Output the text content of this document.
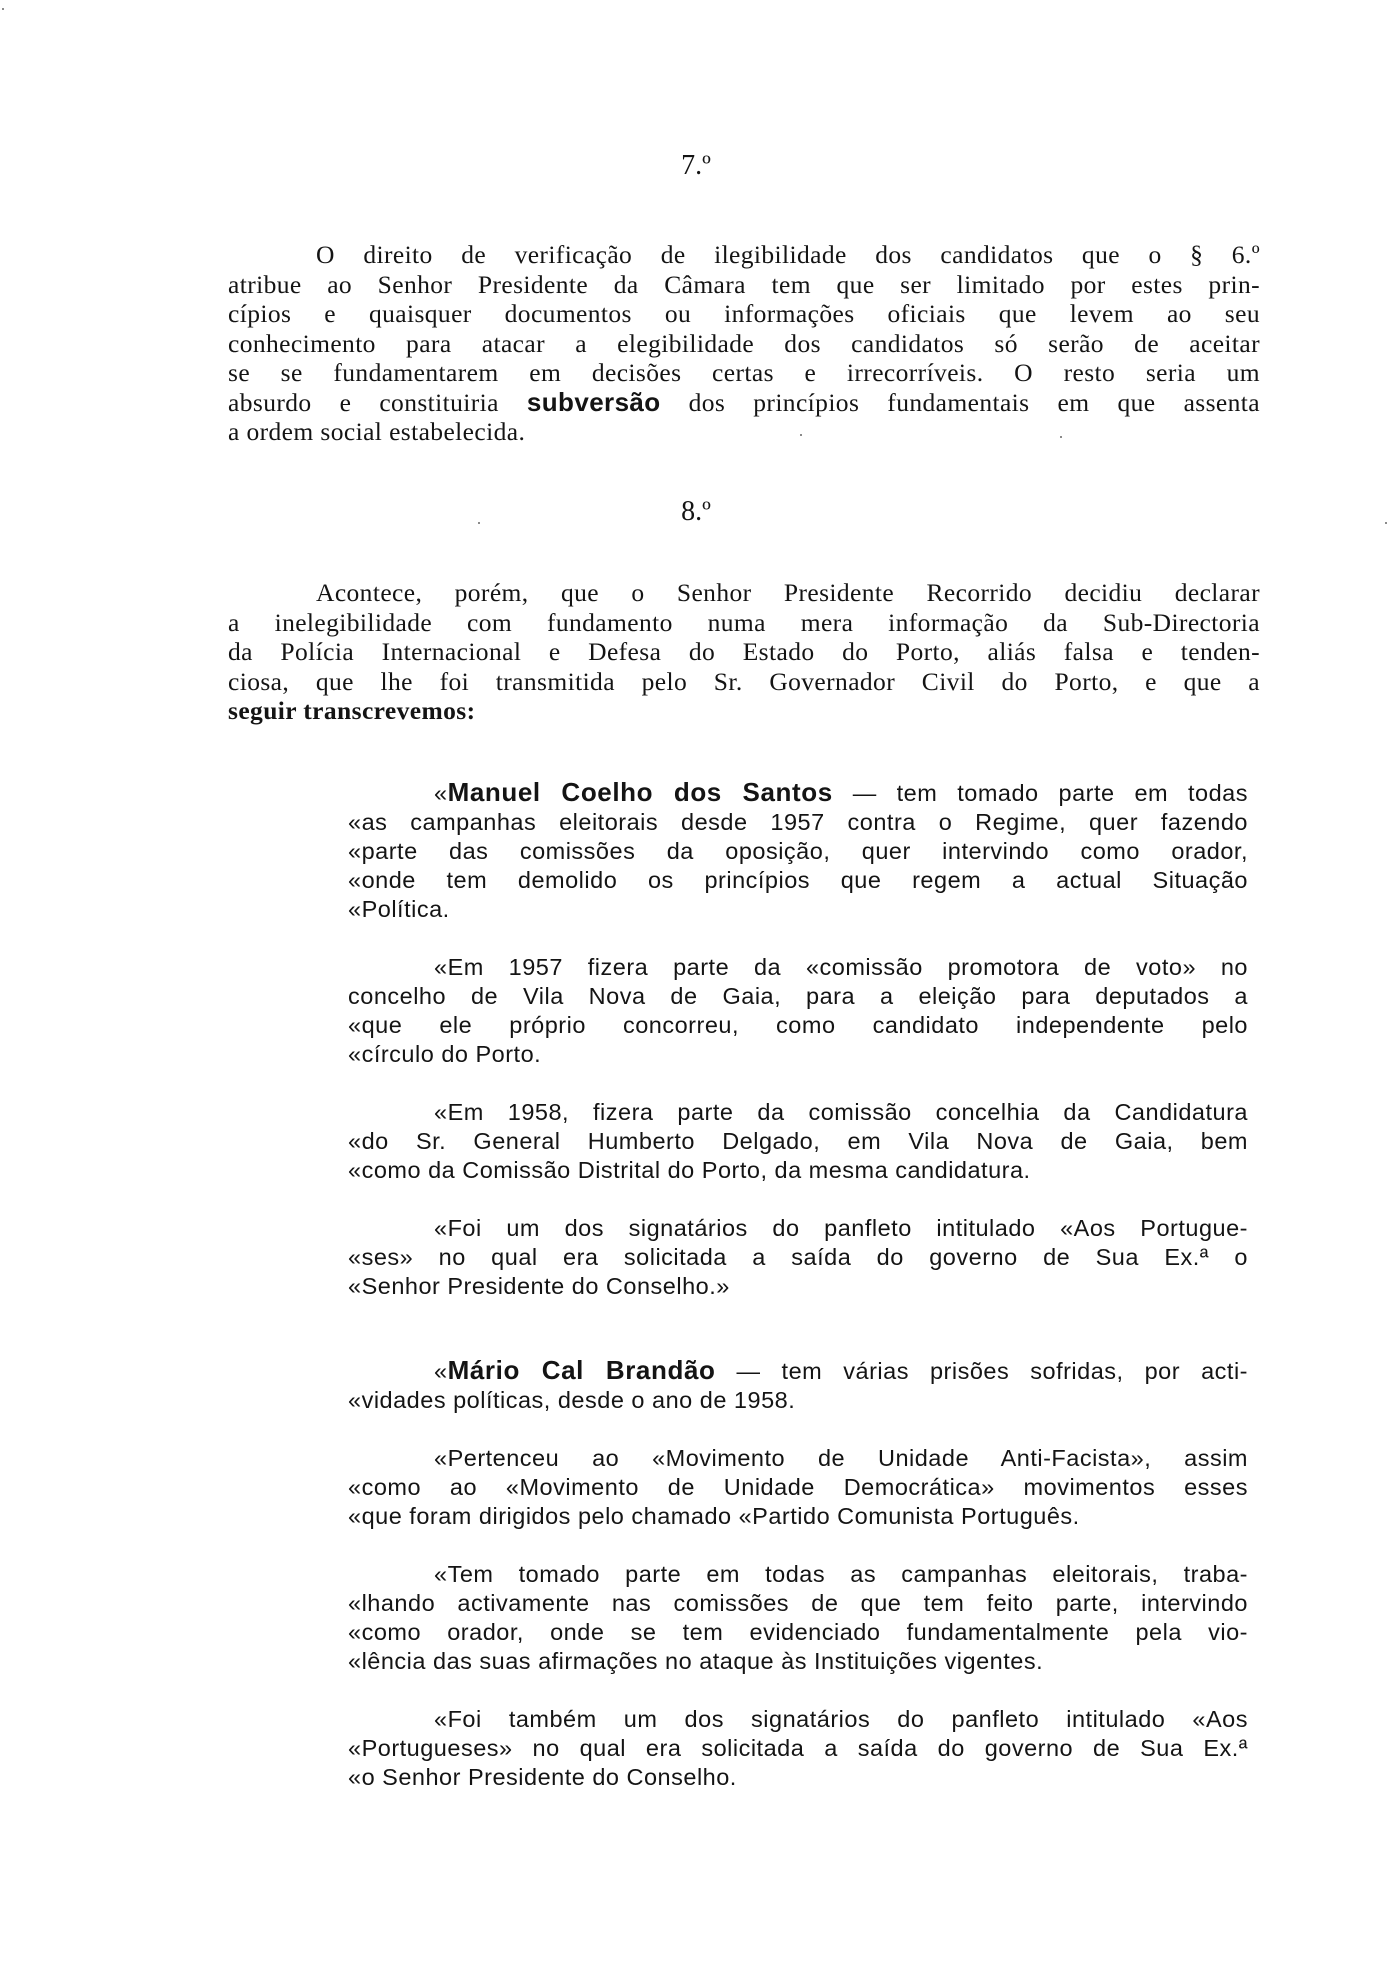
7.º
O direito de verificação de ilegibilidade dos candidatos que o § 6.º
atribue ao Senhor Presidente da Câmara tem que ser limitado por estes prin-
cípios e quaisquer documentos ou informações oficiais que levem ao seu
conhecimento para atacar a elegibilidade dos candidatos só serão de aceitar
se se fundamentarem em decisões certas e irrecorríveis. O resto seria um
absurdo e constituiria subversão dos princípios fundamentais em que assenta
a ordem social estabelecida.
8.º
Acontece, porém, que o Senhor Presidente Recorrido decidiu declarar
a inelegibilidade com fundamento numa mera informação da Sub-Directoria
da Polícia Internacional e Defesa do Estado do Porto, aliás falsa e tenden-
ciosa, que lhe foi transmitida pelo Sr. Governador Civil do Porto, e que a
seguir transcrevemos:
«Manuel Coelho dos Santos — tem tomado parte em todas
«as campanhas eleitorais desde 1957 contra o Regime, quer fazendo
«parte das comissões da oposição, quer intervindo como orador,
«onde tem demolido os princípios que regem a actual Situação
«Política.
«Em 1957 fizera parte da «comissão promotora de voto» no
concelho de Vila Nova de Gaia, para a eleição para deputados a
«que ele próprio concorreu, como candidato independente pelo
«círculo do Porto.
«Em 1958, fizera parte da comissão concelhia da Candidatura
«do Sr. General Humberto Delgado, em Vila Nova de Gaia, bem
«como da Comissão Distrital do Porto, da mesma candidatura.
«Foi um dos signatários do panfleto intitulado «Aos Portugue-
«ses» no qual era solicitada a saída do governo de Sua Ex.ª o
«Senhor Presidente do Conselho.»
«Mário Cal Brandão — tem várias prisões sofridas, por acti-
«vidades políticas, desde o ano de 1958.
«Pertenceu ao «Movimento de Unidade Anti-Facista», assim
«como ao «Movimento de Unidade Democrática» movimentos esses
«que foram dirigidos pelo chamado «Partido Comunista Português.
«Tem tomado parte em todas as campanhas eleitorais, traba-
«lhando activamente nas comissões de que tem feito parte, intervindo
«como orador, onde se tem evidenciado fundamentalmente pela vio-
«lência das suas afirmações no ataque às Instituições vigentes.
«Foi também um dos signatários do panfleto intitulado «Aos
«Portugueses» no qual era solicitada a saída do governo de Sua Ex.ª
«o Senhor Presidente do Conselho.
